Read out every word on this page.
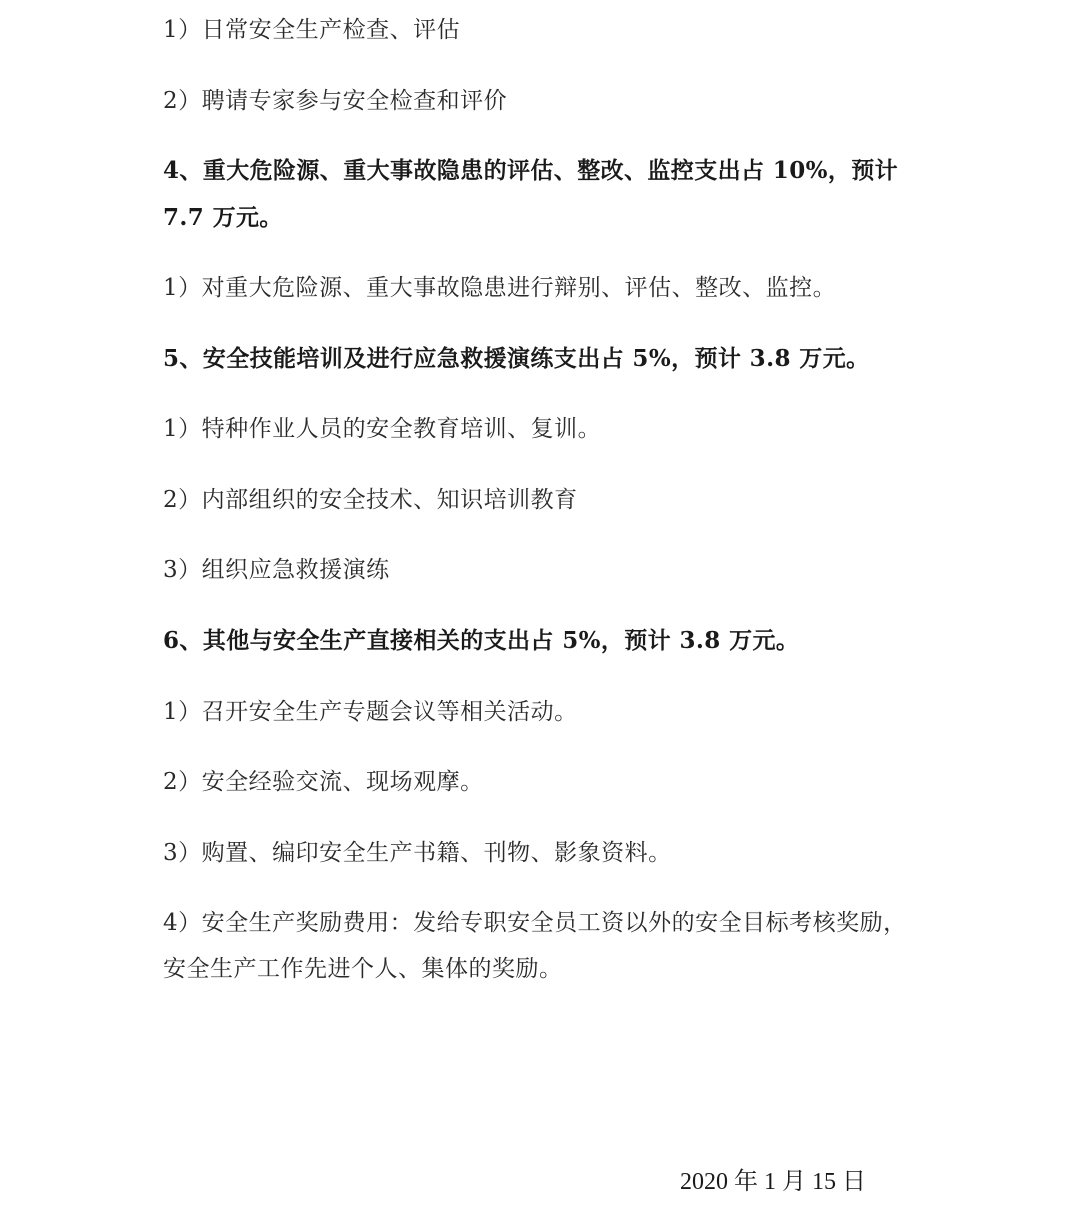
1）日常安全生产检查、评估
2）聘请专家参与安全检查和评价
4、重大危险源、重大事故隐患的评估、整改、监控支出占 10%，预计
7.7 万元。
1）对重大危险源、重大事故隐患进行辩别、评估、整改、监控。
5、安全技能培训及进行应急救援演练支出占 5%，预计 3.8 万元。
1）特种作业人员的安全教育培训、复训。
2）内部组织的安全技术、知识培训教育
3）组织应急救援演练
6、其他与安全生产直接相关的支出占 5%，预计 3.8 万元。
1）召开安全生产专题会议等相关活动。
2）安全经验交流、现场观摩。
3）购置、编印安全生产书籍、刊物、影象资料。
4）安全生产奖励费用：发给专职安全员工资以外的安全目标考核奖励，
安全生产工作先进个人、集体的奖励。
2020 年 1 月 15 日
